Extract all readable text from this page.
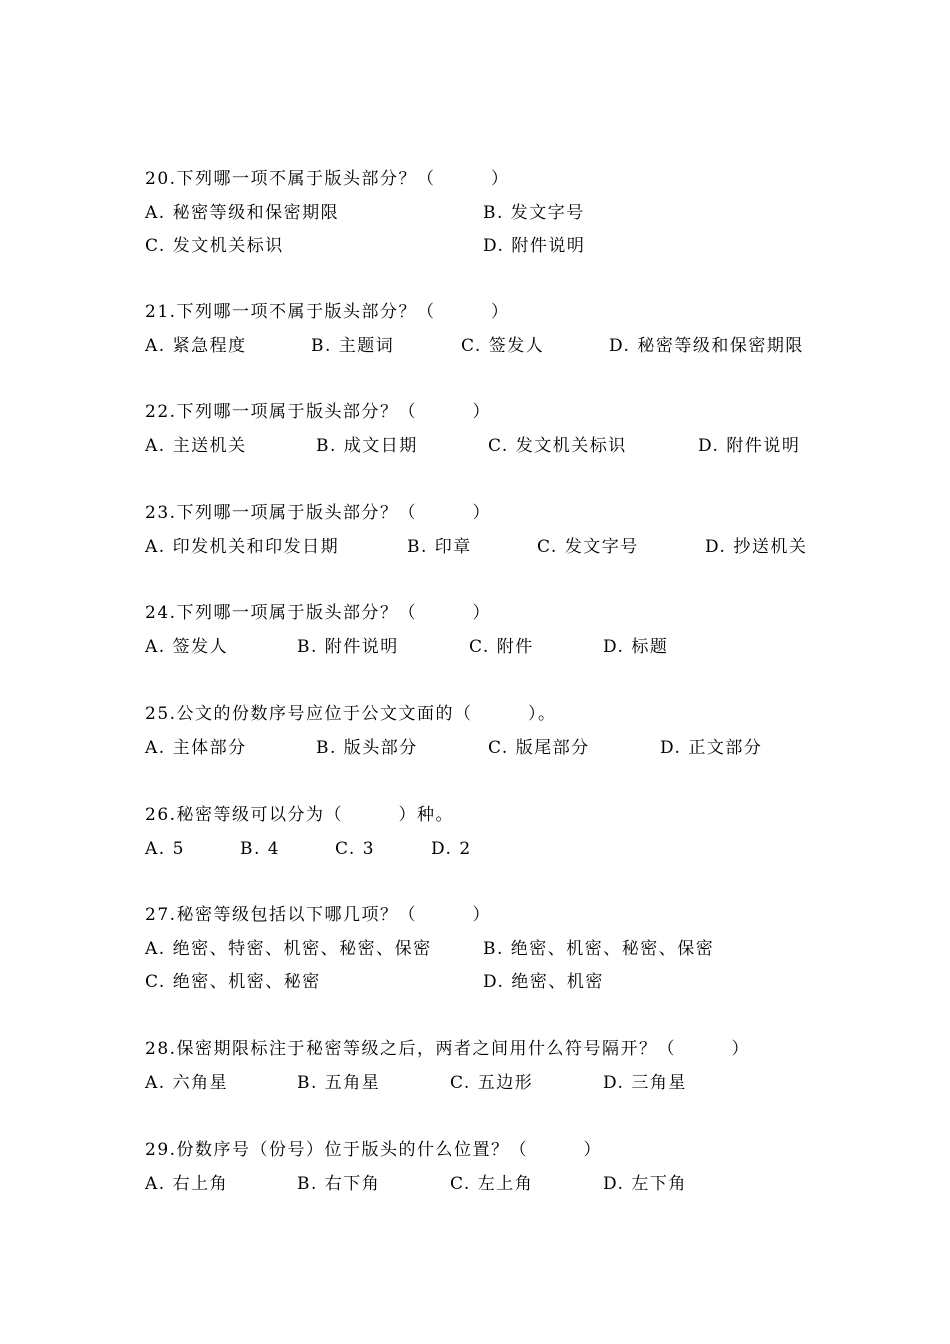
20.下列哪一项不属于版头部分？（　　　）
A. 秘密等级和保密期限	B. 发文字号
C. 发文机关标识	D. 附件说明
21.下列哪一项不属于版头部分？（　　　）
A. 紧急程度	B. 主题词	C. 签发人	D. 秘密等级和保密期限
22.下列哪一项属于版头部分？（　　　）
A. 主送机关	B. 成文日期	C. 发文机关标识	D. 附件说明
23.下列哪一项属于版头部分？（　　　）
A. 印发机关和印发日期	B. 印章	C. 发文字号	D. 抄送机关
24.下列哪一项属于版头部分？（　　　）
A. 签发人	B. 附件说明	C. 附件	D. 标题
25.公文的份数序号应位于公文文面的（　　　）。
A. 主体部分	B. 版头部分	C. 版尾部分	D. 正文部分
26.秘密等级可以分为（　　　）种。
A. 5	B. 4	C. 3	D. 2
27.秘密等级包括以下哪几项？（　　　）
A. 绝密、特密、机密、秘密、保密	B. 绝密、机密、秘密、保密
C. 绝密、机密、秘密	D. 绝密、机密
28.保密期限标注于秘密等级之后，两者之间用什么符号隔开？（　　　）
A. 六角星	B. 五角星	C. 五边形	D. 三角星
29.份数序号（份号）位于版头的什么位置？（　　　）
A. 右上角	B. 右下角	C. 左上角	D. 左下角
